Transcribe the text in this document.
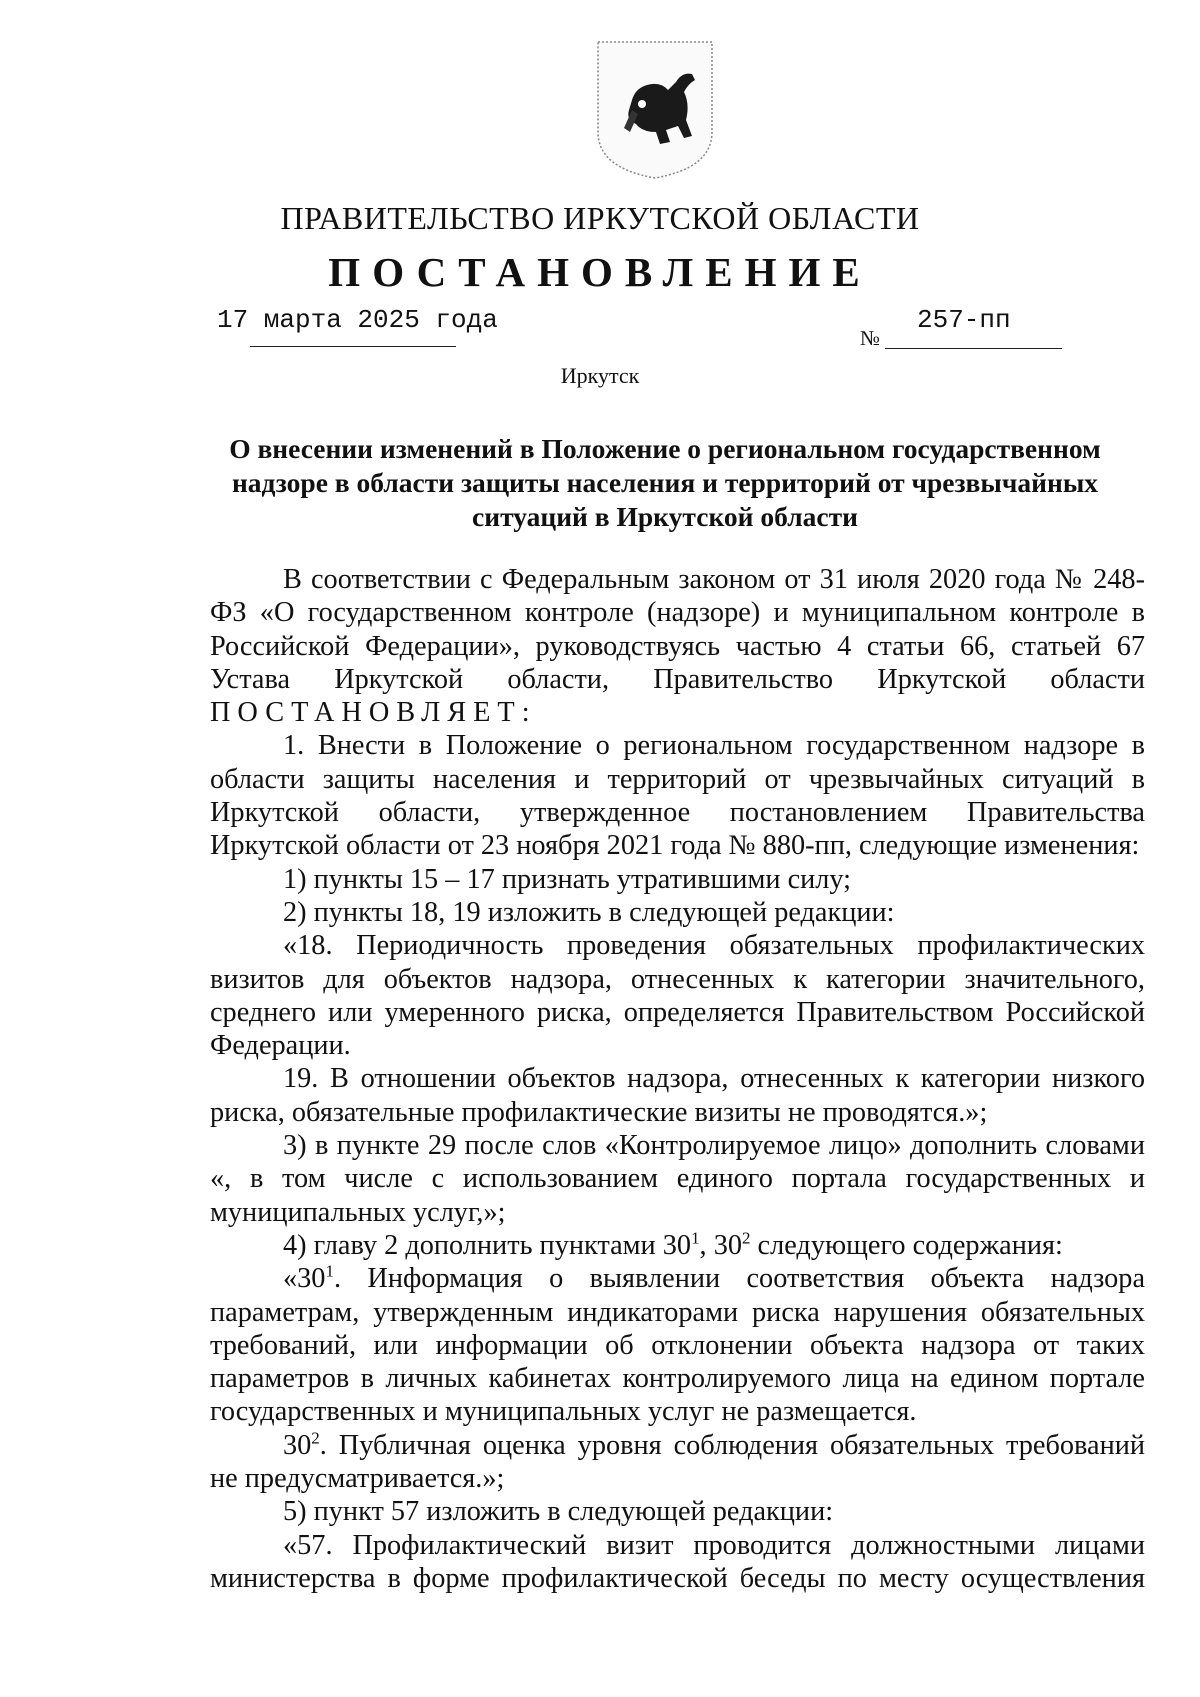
ПРАВИТЕЛЬСТВО ИРКУТСКОЙ ОБЛАСТИ
ПОСТАНОВЛЕНИЕ
17 марта 2025 года
№
257-пп
Иркутск
О внесении изменений в Положение о региональном государственном
надзоре в области защиты населения и территорий от чрезвычайных
ситуаций в Иркутской области

В соответствии с Федеральным законом от 31 июля 2020 года № 248-ФЗ «О государственном контроле (надзоре) и муниципальном контроле в Российской Федерации», руководствуясь частью 4 статьи 66, статьей 67 Устава Иркутской области, Правительство Иркутской области

ПОСТАНОВЛЯЕТ:

1. Внести в Положение о региональном государственном надзоре в области защиты населения и территорий от чрезвычайных ситуаций в Иркутской области, утвержденное постановлением Правительства Иркутской области от 23 ноября 2021 года № 880-пп, следующие изменения:

1) пункты 15 – 17 признать утратившими силу;

2) пункты 18, 19 изложить в следующей редакции:

«18. Периодичность проведения обязательных профилактических визитов для объектов надзора, отнесенных к категории значительного, среднего или умеренного риска, определяется Правительством Российской Федерации.

19. В отношении объектов надзора, отнесенных к категории низкого риска, обязательные профилактические визиты не проводятся.»;

3) в пункте 29 после слов «Контролируемое лицо» дополнить словами «, в том числе с использованием единого портала государственных и муниципальных услуг,»;

4) главу 2 дополнить пунктами $30^1$, $30^2$ следующего содержания:

«$30^1$. Информация о выявлении соответствия объекта надзора параметрам, утвержденным индикаторами риска нарушения обязательных требований, или информации об отклонении объекта надзора от таких параметров в личных кабинетах контролируемого лица на едином портале государственных и муниципальных услуг не размещается.

$30^2$. Публичная оценка уровня соблюдения обязательных требований не предусматривается.»;

5) пункт 57 изложить в следующей редакции:

«57. Профилактический визит проводится должностными лицами министерства в форме профилактической беседы по месту осуществления
